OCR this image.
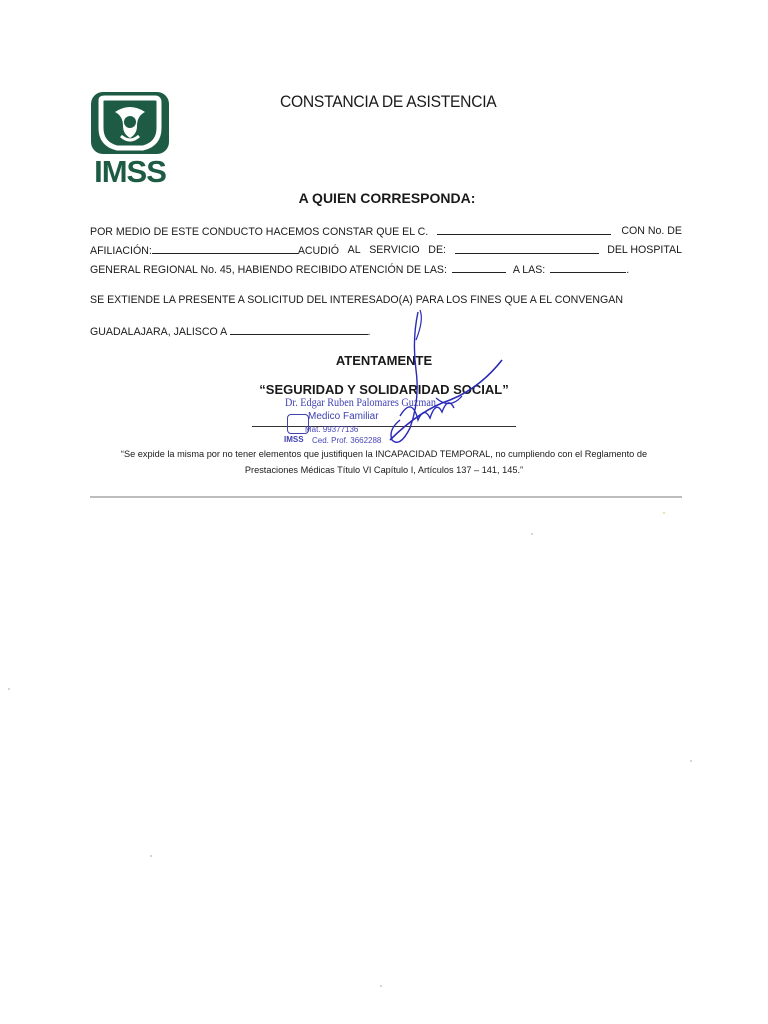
IMSS
CONSTANCIA DE ASISTENCIA
A QUIEN CORRESPONDA:
POR MEDIO DE ESTE CONDUCTO HACEMOS CONSTAR QUE EL C.	CON No. DE
AFILIACIÓN:	ACUDIÓ AL SERVICIO DE:	DEL HOSPITAL
GENERAL REGIONAL No. 45, HABIENDO RECIBIDO ATENCIÓN DE LAS:	A LAS:	.
SE EXTIENDE LA PRESENTE A SOLICITUD DEL INTERESADO(A) PARA LOS FINES QUE A EL CONVENGAN
GUADALAJARA, JALISCO A	.
ATENTAMENTE
“SEGURIDAD Y SOLIDARIDAD SOCIAL”
Dr. Edgar Ruben Palomares Guzman
Medico Familiar
Mat. 99377136
IMSS Ced. Prof. 3662288
“Se expide la misma por no tener elementos que justifiquen la INCAPACIDAD TEMPORAL, no cumpliendo con el Reglamento de
Prestaciones Médicas Título VI Capítulo I, Artículos 137 – 141, 145.”
